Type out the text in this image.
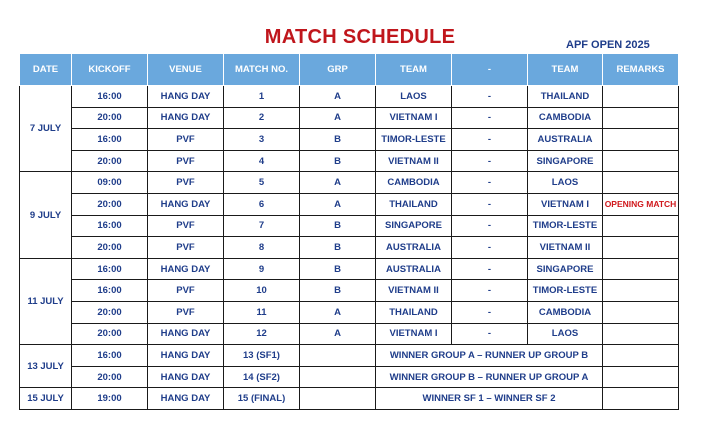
MATCH SCHEDULE	APF OPEN 2025
DATE	KICKOFF	VENUE	MATCH NO.	GRP	TEAM	-	TEAM	REMARKS
7 JULY	16:00	HANG DAY	1	A	LAOS	-	THAILAND	
	20:00	HANG DAY	2	A	VIETNAM I	-	CAMBODIA	
	16:00	PVF	3	B	TIMOR-LESTE	-	AUSTRALIA	
	20:00	PVF	4	B	VIETNAM II	-	SINGAPORE	
9 JULY	09:00	PVF	5	A	CAMBODIA	-	LAOS	
	20:00	HANG DAY	6	A	THAILAND	-	VIETNAM I	OPENING MATCH
	16:00	PVF	7	B	SINGAPORE	-	TIMOR-LESTE	
	20:00	PVF	8	B	AUSTRALIA	-	VIETNAM II	
11 JULY	16:00	HANG DAY	9	B	AUSTRALIA	-	SINGAPORE	
	16:00	PVF	10	B	VIETNAM II	-	TIMOR-LESTE	
	20:00	PVF	11	A	THAILAND	-	CAMBODIA	
	20:00	HANG DAY	12	A	VIETNAM I	-	LAOS	
13 JULY	16:00	HANG DAY	13 (SF1)		WINNER GROUP A – RUNNER UP GROUP B			
	20:00	HANG DAY	14 (SF2)		WINNER GROUP B – RUNNER UP GROUP A			
15 JULY	19:00	HANG DAY	15 (FINAL)		WINNER SF 1 – WINNER SF 2			
